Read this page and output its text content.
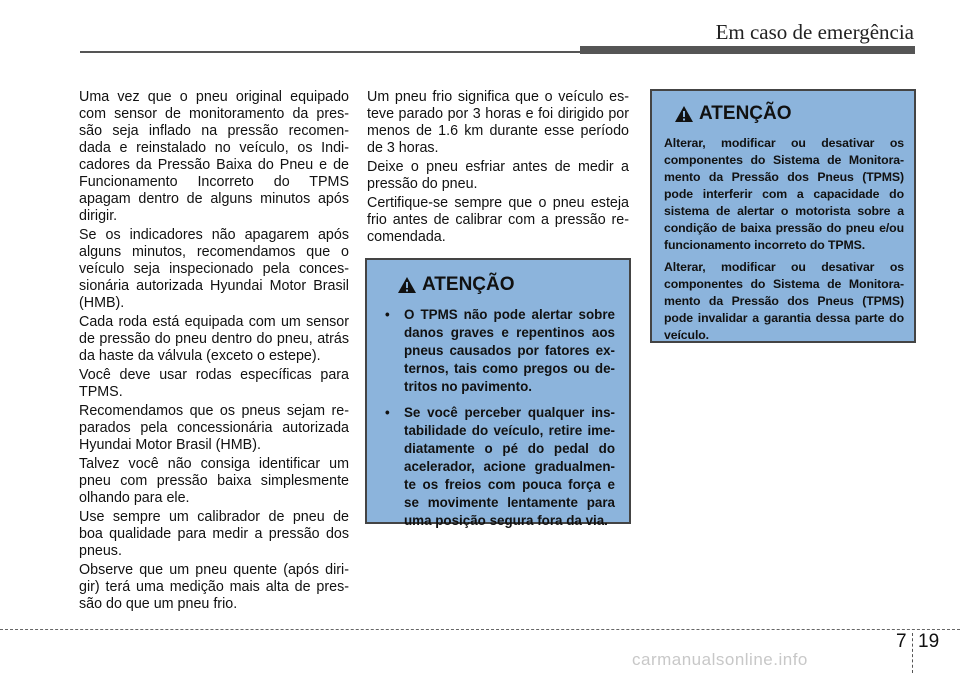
Em caso de emergência

Uma vez que o pneu original equipado com sensor de monitoramento da pres-são seja inflado na pressão recomen-dada e reinstalado no veículo, os Indi-cadores da Pressão Baixa do Pneu e de Funcionamento Incorreto do TPMS apagam dentro de alguns minutos após dirigir.

Se os indicadores não apagarem após alguns minutos, recomendamos que o veículo seja inspecionado pela conces-sionária autorizada Hyundai Motor Brasil (HMB).

Cada roda está equipada com um sensor de pressão do pneu dentro do pneu, atrás da haste da válvula (exceto o estepe).

Você deve usar rodas específicas para TPMS.

Recomendamos que os pneus sejam re-parados pela concessionária autorizada Hyundai Motor Brasil (HMB).

Talvez você não consiga identificar um pneu com pressão baixa simplesmente olhando para ele.

Use sempre um calibrador de pneu de boa qualidade para medir a pressão dos pneus.

Observe que um pneu quente (após diri-gir) terá uma medição mais alta de pres-são do que um pneu frio.

Um pneu frio significa que o veículo es-teve parado por 3 horas e foi dirigido por menos de 1.6 km durante esse período de 3 horas.

Deixe o pneu esfriar antes de medir a pressão do pneu.

Certifique-se sempre que o pneu esteja frio antes de calibrar com a pressão re-comendada.

ATENÇÃO
• O TPMS não pode alertar sobre danos graves e repentinos aos pneus causados por fatores ex-ternos, tais como pregos ou de-tritos no pavimento.
• Se você perceber qualquer ins-tabilidade do veículo, retire ime-diatamente o pé do pedal do acelerador, acione gradualmen-te os freios com pouca força e se movimente lentamente para uma posição segura fora da via.
ATENÇÃO

Alterar, modificar ou desativar os componentes do Sistema de Monitora-mento da Pressão dos Pneus (TPMS) pode interferir com a capacidade do sistema de alertar o motorista sobre a condição de baixa pressão do pneu e/ou funcionamento incorreto do TPMS.

Alterar, modificar ou desativar os componentes do Sistema de Monitora-mento da Pressão dos Pneus (TPMS) pode invalidar a garantia dessa parte do veículo.

7 19
carmanualsonline.info
